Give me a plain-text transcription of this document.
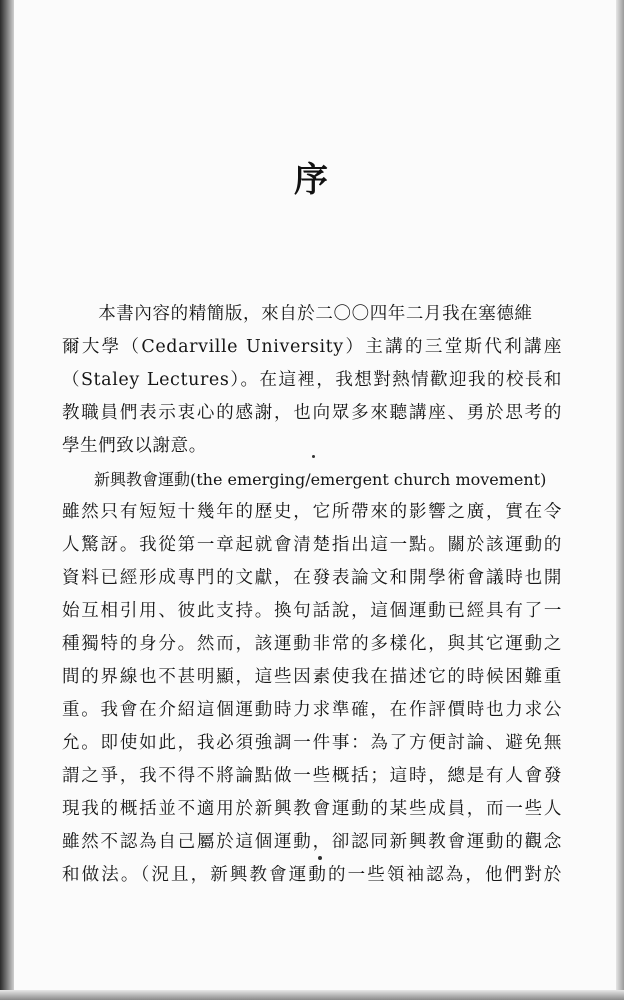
序
　　本書內容的精簡版，來自於二〇〇四年二月我在塞德維
爾大學（Cedarville University）主講的三堂斯代利講座
（Staley Lectures）。在這裡，我想對熱情歡迎我的校長和
教職員們表示衷心的感謝，也向眾多來聽講座、勇於思考的
學生們致以謝意。
　　新興教會運動(the emerging/emergent church movement)
雖然只有短短十幾年的歷史，它所帶來的影響之廣，實在令
人驚訝。我從第一章起就會清楚指出這一點。關於該運動的
資料已經形成專門的文獻，在發表論文和開學術會議時也開
始互相引用、彼此支持。換句話說，這個運動已經具有了一
種獨特的身分。然而，該運動非常的多樣化，與其它運動之
間的界線也不甚明顯，這些因素使我在描述它的時候困難重
重。我會在介紹這個運動時力求準確，在作評價時也力求公
允。即使如此，我必須強調一件事：為了方便討論、避免無
謂之爭，我不得不將論點做一些概括；這時，總是有人會發
現我的概括並不適用於新興教會運動的某些成員，而一些人
雖然不認為自己屬於這個運動，卻認同新興教會運動的觀念
和做法。（況且，新興教會運動的一些領袖認為，他們對於
